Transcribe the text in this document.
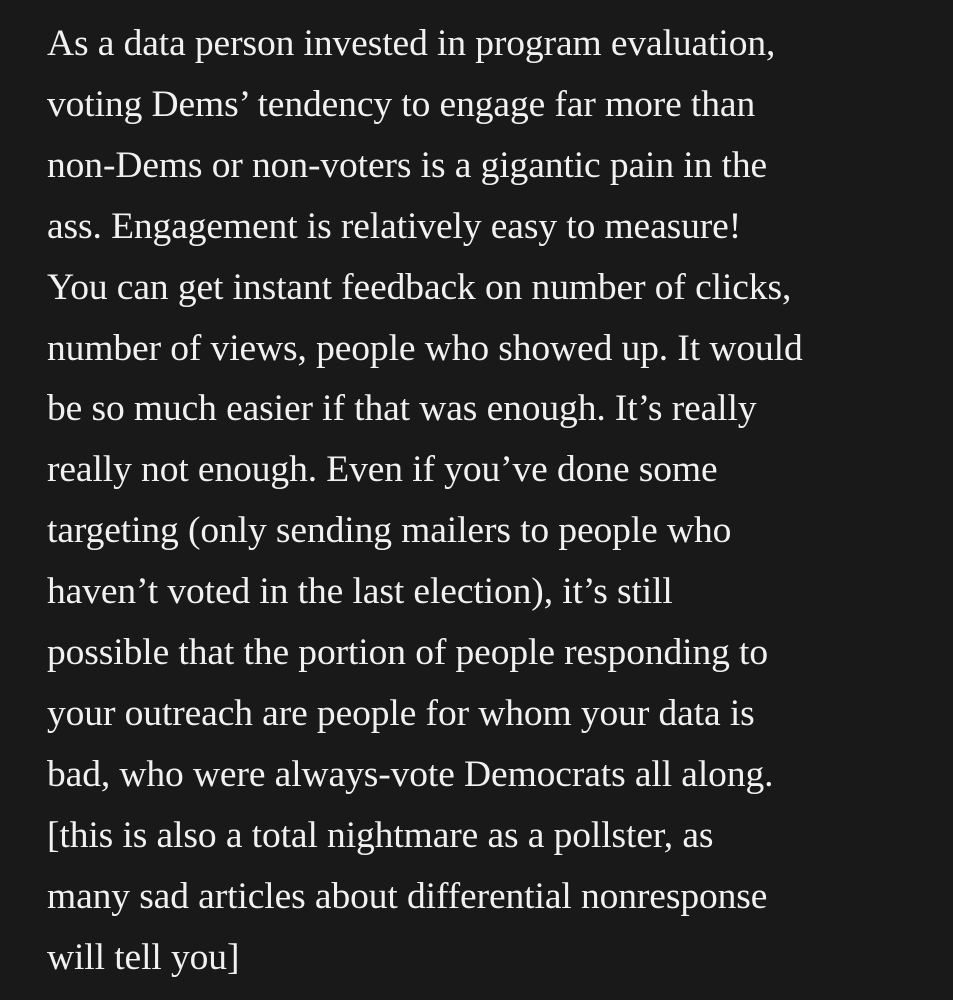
As a data person invested in program evaluation,
voting Dems’ tendency to engage far more than
non-Dems or non-voters is a gigantic pain in the
ass. Engagement is relatively easy to measure!
You can get instant feedback on number of clicks,
number of views, people who showed up. It would
be so much easier if that was enough. It’s really
really not enough. Even if you’ve done some
targeting (only sending mailers to people who
haven’t voted in the last election), it’s still
possible that the portion of people responding to
your outreach are people for whom your data is
bad, who were always-vote Democrats all along.
[this is also a total nightmare as a pollster, as
many sad articles about differential nonresponse
will tell you]
